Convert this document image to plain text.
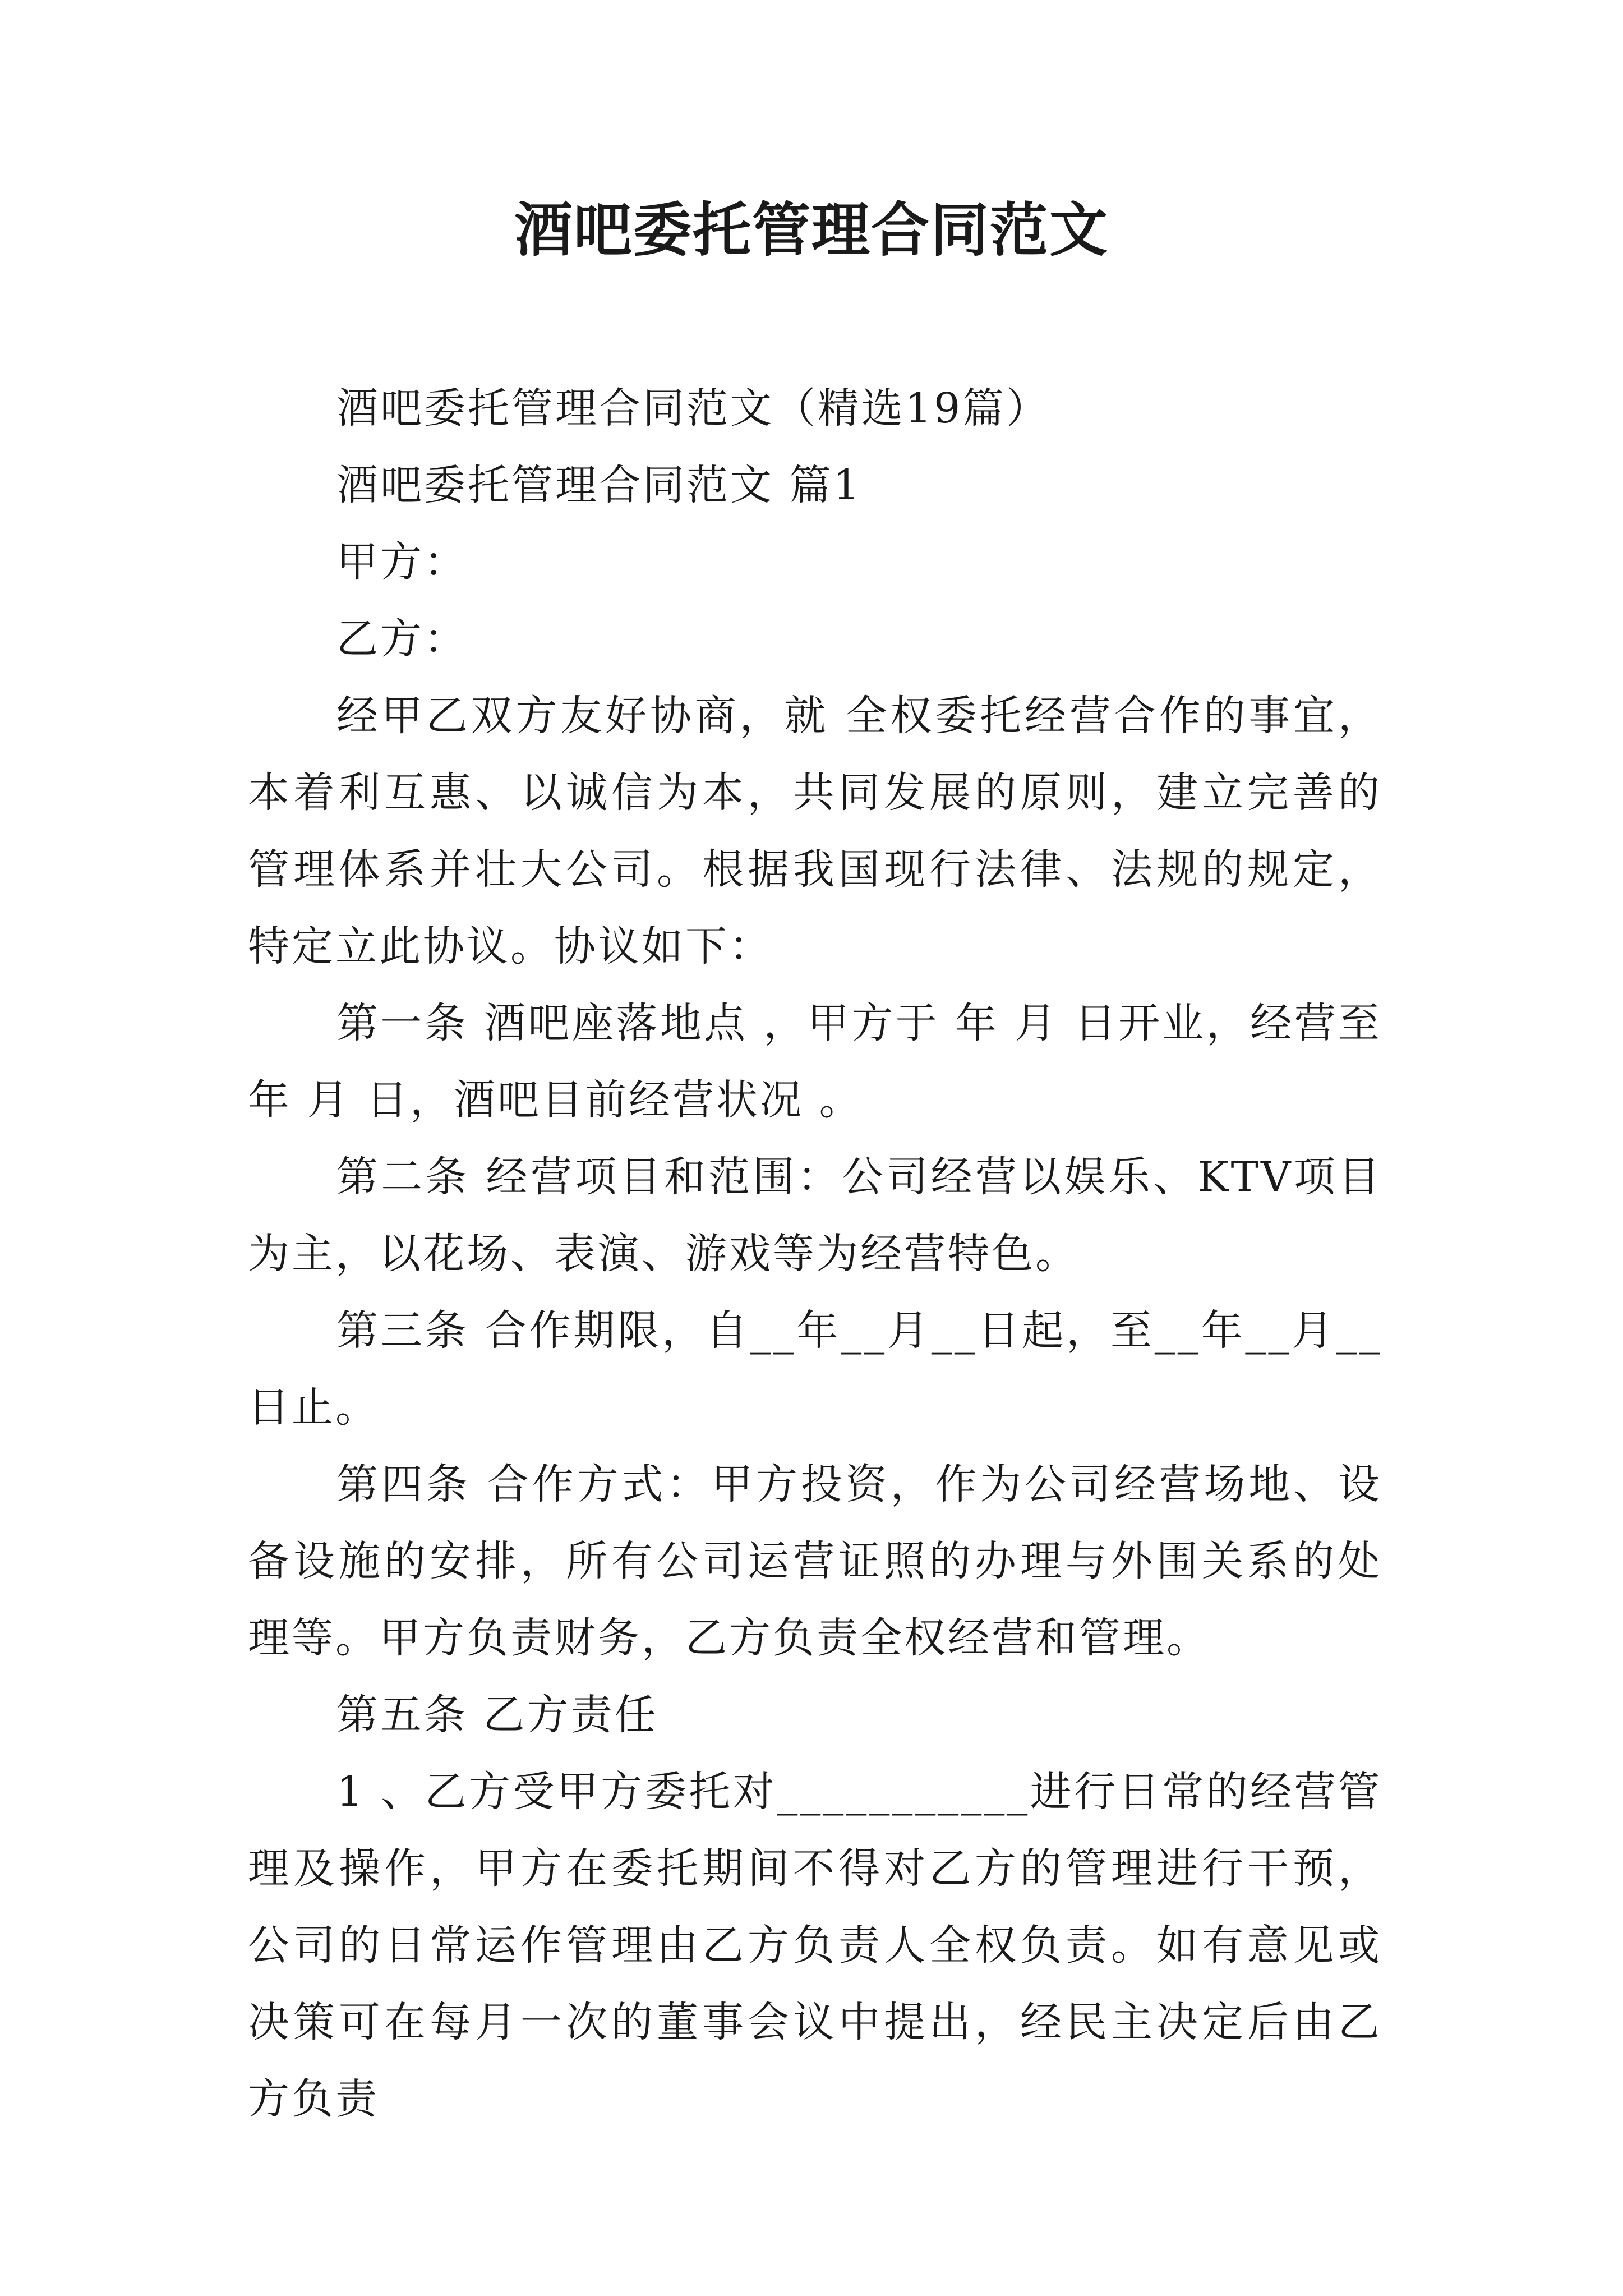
酒吧委托管理合同范文

酒吧委托管理合同范文（精选19篇）

酒吧委托管理合同范文 篇1

甲方：

乙方：

经甲乙双方友好协商，就 全权委托经营合作的事宜，本着利互惠、以诚信为本，共同发展的原则，建立完善的管理体系并壮大公司。根据我国现行法律、法规的规定，特定立此协议。协议如下：

第一条 酒吧座落地点 ，甲方于 年 月 日开业，经营至 年 月 日，酒吧目前经营状况 。

第二条 经营项目和范围：公司经营以娱乐、KTV项目为主，以花场、表演、游戏等为经营特色。

第三条 合作期限，自__年__月__日起，至__年__月__日止。

第四条 合作方式：甲方投资，作为公司经营场地、设备设施的安排，所有公司运营证照的办理与外围关系的处理等。甲方负责财务，乙方负责全权经营和管理。

第五条 乙方责任

1 、乙方受甲方委托对___________进行日常的经营管理及操作，甲方在委托期间不得对乙方的管理进行干预，公司的日常运作管理由乙方负责人全权负责。如有意见或决策可在每月一次的董事会议中提出，经民主决定后由乙方负责
